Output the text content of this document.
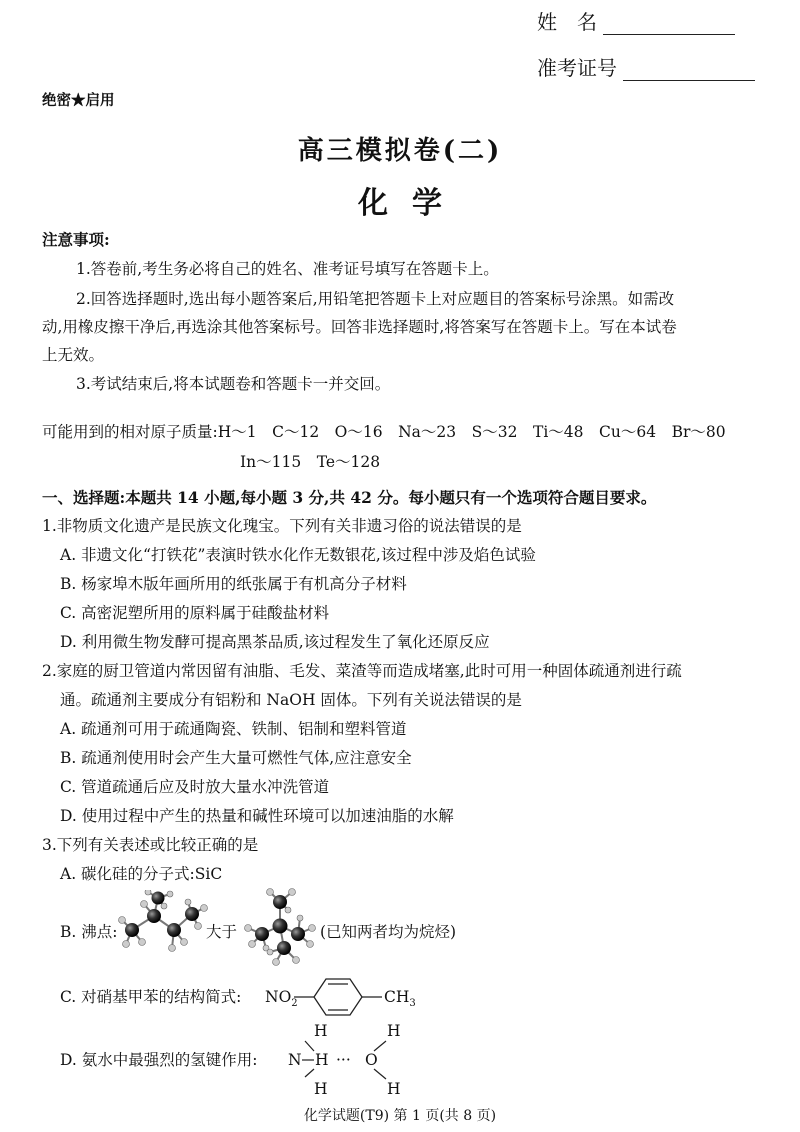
姓　名
准考证号
绝密★启用
高三模拟卷(二)
化学
注意事项:
1.答卷前,考生务必将自己的姓名、准考证号填写在答题卡上。
2.回答选择题时,选出每小题答案后,用铅笔把答题卡上对应题目的答案标号涂黑。如需改
动,用橡皮擦干净后,再选涂其他答案标号。回答非选择题时,将答案写在答题卡上。写在本试卷
上无效。
3.考试结束后,将本试题卷和答题卡一并交回。
可能用到的相对原子质量:H～1　C～12　O～16　Na～23　S～32　Ti～48　Cu～64　Br～80
In～115　Te～128
一、选择题:本题共 14 小题,每小题 3 分,共 42 分。每小题只有一个选项符合题目要求。
1.非物质文化遗产是民族文化瑰宝。下列有关非遗习俗的说法错误的是
A. 非遗文化“打铁花”表演时铁水化作无数银花,该过程中涉及焰色试验
B. 杨家埠木版年画所用的纸张属于有机高分子材料
C. 高密泥塑所用的原料属于硅酸盐材料
D. 利用微生物发酵可提高黑茶品质,该过程发生了氧化还原反应
2.家庭的厨卫管道内常因留有油脂、毛发、菜渣等而造成堵塞,此时可用一种固体疏通剂进行疏
通。疏通剂主要成分有铝粉和 NaOH 固体。下列有关说法错误的是
A. 疏通剂可用于疏通陶瓷、铁制、铝制和塑料管道
B. 疏通剂使用时会产生大量可燃性气体,应注意安全
C. 管道疏通后应及时放大量水冲洗管道
D. 使用过程中产生的热量和碱性环境可以加速油脂的水解
3.下列有关表述或比较正确的是
A. 碳化硅的分子式:SiC
B. 沸点:	大于	(已知两者均为烷烃)
C. 对硝基甲苯的结构简式: $NO_2$	$CH_3$
D. 氨水中最强烈的氢键作用:
H	H
N H ··· O
H	H
化学试题(T9) 第 1 页(共 8 页)
